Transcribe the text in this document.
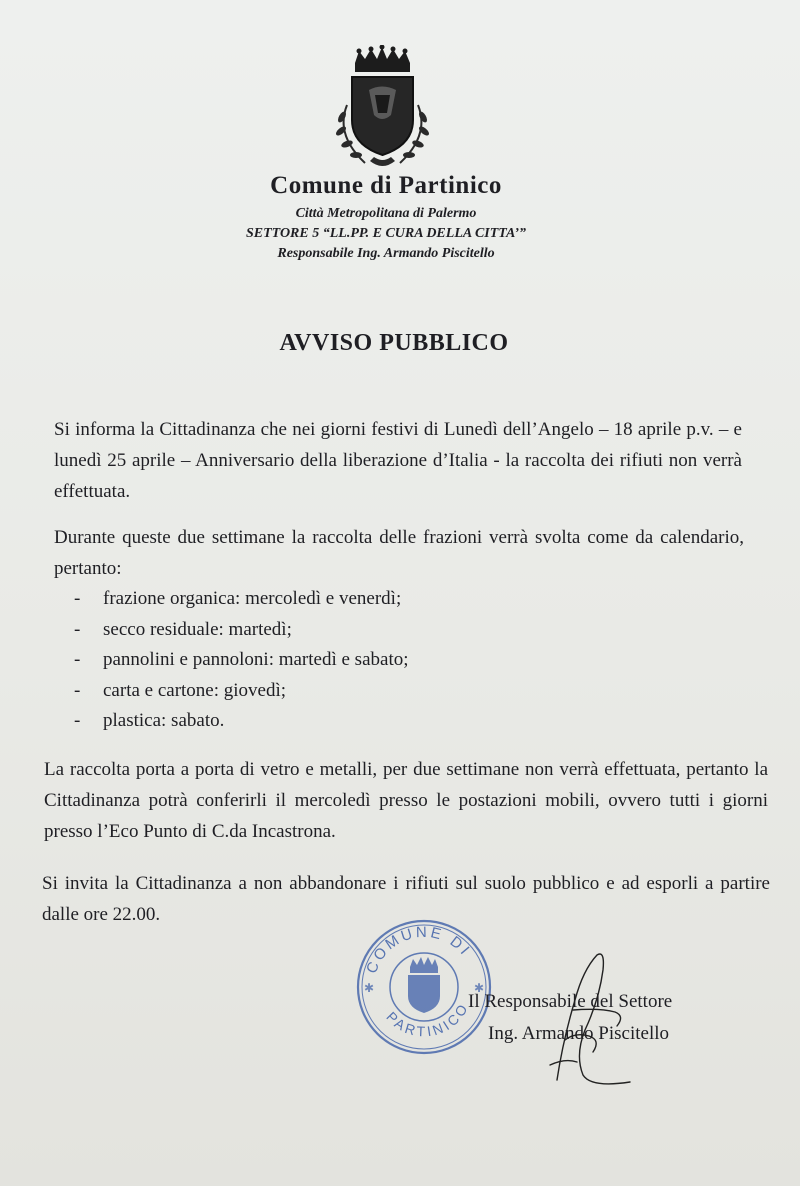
Comune di Partinico
Città Metropolitana di Palermo
SETTORE 5 “LL.PP. E CURA DELLA CITTA’”
Responsabile Ing. Armando Piscitello
AVVISO PUBBLICO
Si informa la Cittadinanza che nei giorni festivi di Lunedì dell’Angelo – 18 aprile p.v. – e lunedì 25 aprile – Anniversario della liberazione d’Italia - la raccolta dei rifiuti non verrà effettuata.
Durante queste due settimane la raccolta delle frazioni verrà svolta come da calendario, pertanto:
-	frazione organica: mercoledì e venerdì;
-	secco residuale: martedì;
-	pannolini e pannoloni: martedì e sabato;
-	carta e cartone: giovedì;
-	plastica: sabato.
La raccolta porta a porta di vetro e metalli, per due settimane non verrà effettuata, pertanto la Cittadinanza potrà conferirli il mercoledì presso le postazioni mobili, ovvero tutti i giorni presso l’Eco Punto di C.da Incastrona.
Si invita la Cittadinanza a non abbandonare i rifiuti sul suolo pubblico e ad esporli a partire dalle ore 22.00.
COMUNE DI
PARTINICO
✱	✱
Il Responsabile del Settore
Ing. Armando Piscitello
